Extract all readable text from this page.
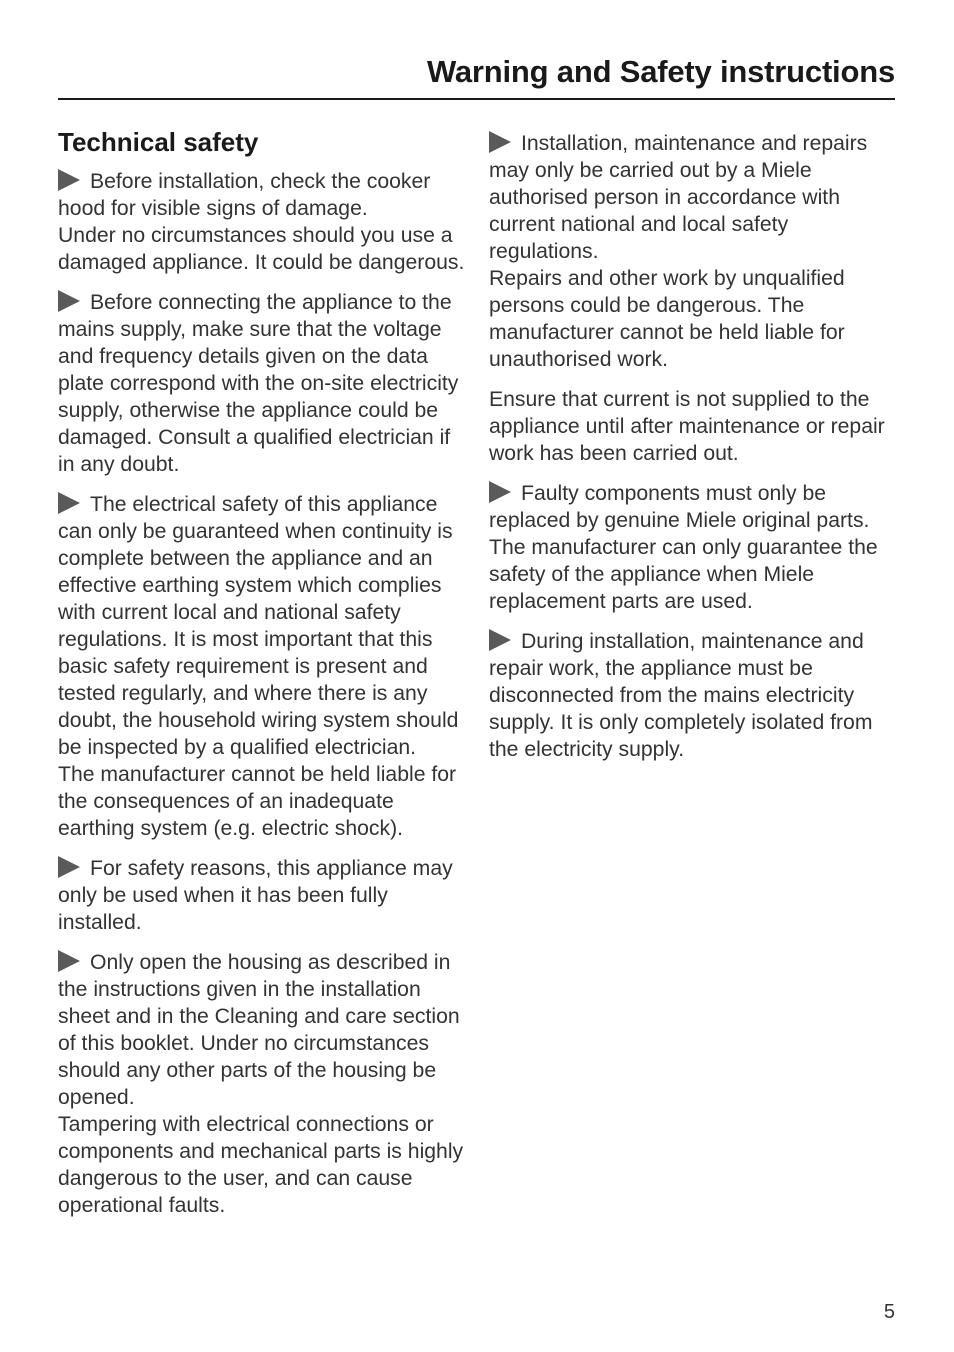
Warning and Safety instructions
Technical safety

Before installation, check the cooker hood for visible signs of damage.
Under no circumstances should you use a damaged appliance. It could be dangerous.

Before connecting the appliance to the mains supply, make sure that the voltage and frequency details given on the data plate correspond with the on-site electricity supply, otherwise the appliance could be damaged. Consult a qualified electrician if in any doubt.

The electrical safety of this appliance can only be guaranteed when continuity is complete between the appliance and an effective earthing system which complies with current local and national safety regulations. It is most important that this basic safety requirement is present and tested regularly, and where there is any doubt, the household wiring system should be inspected by a qualified electrician.
The manufacturer cannot be held liable for the consequences of an inadequate earthing system (e.g. electric shock).

For safety reasons, this appliance may only be used when it has been fully installed.

Only open the housing as described in the instructions given in the installation sheet and in the Cleaning and care section of this booklet. Under no circumstances should any other parts of the housing be opened.
Tampering with electrical connections or components and mechanical parts is highly dangerous to the user, and can cause operational faults.

Installation, maintenance and repairs may only be carried out by a Miele authorised person in accordance with current national and local safety regulations.
Repairs and other work by unqualified persons could be dangerous. The manufacturer cannot be held liable for unauthorised work.

Ensure that current is not supplied to the appliance until after maintenance or repair work has been carried out.

Faulty components must only be replaced by genuine Miele original parts. The manufacturer can only guarantee the safety of the appliance when Miele replacement parts are used.

During installation, maintenance and repair work, the appliance must be disconnected from the mains electricity supply. It is only completely isolated from the electricity supply.

5
